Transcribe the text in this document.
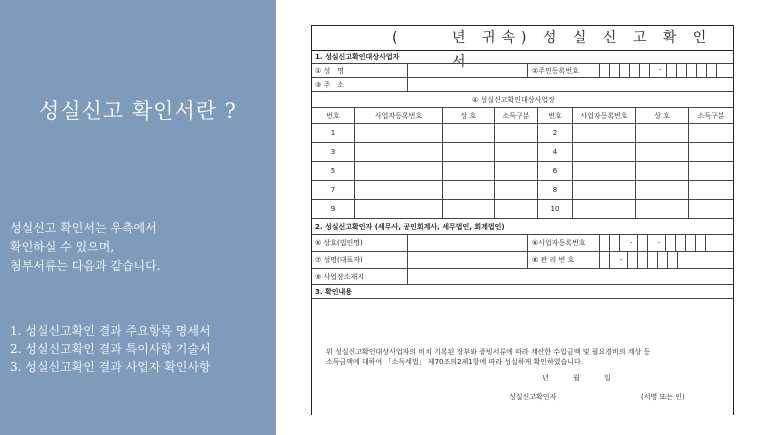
성실신고 확인서란 ?
성실신고 확인서는 우측에서
확인하실 수 있으며,
첨부서류는 다음과 같습니다.
1. 성실신고확인 결과 주요항목 명세서
2. 성실신고확인 결과 특이사항 기술서
3. 성실신고확인 결과 사업자 확인사항
(	년 귀속) 성 실 신 고 확 인 서
1. 성실신고확인대상사업자
① 성　명	②주민등록번호	-
③ 주　소
④ 성실신고확인대상사업장
번호	사업자등록번호	상 호	소득구분	번호	사업자등록번호	상 호	소득구분
1	2
3	4
5	6
7	8
9	10
2. 성실신고확인자 (세무사, 공인회계사, 세무법인, 회계법인)
⑤ 상호(법인명)	⑥사업자등록번호	-	-
⑦ 성명(대표자)	⑧ 관 리 번 호	-
⑨ 사업장소재지
3. 확인내용
위 성실신고확인대상사업자의 비치 기록된 장부와 증빙서류에 따라 계산한 수입금액 및 필요경비의 계상 등
소득금액에 대하여 「소득세법」 제70조의2제1항에 따라 성실하게 확인하였습니다.
년 월 일
성실신고확인자	(서명 또는 인)
